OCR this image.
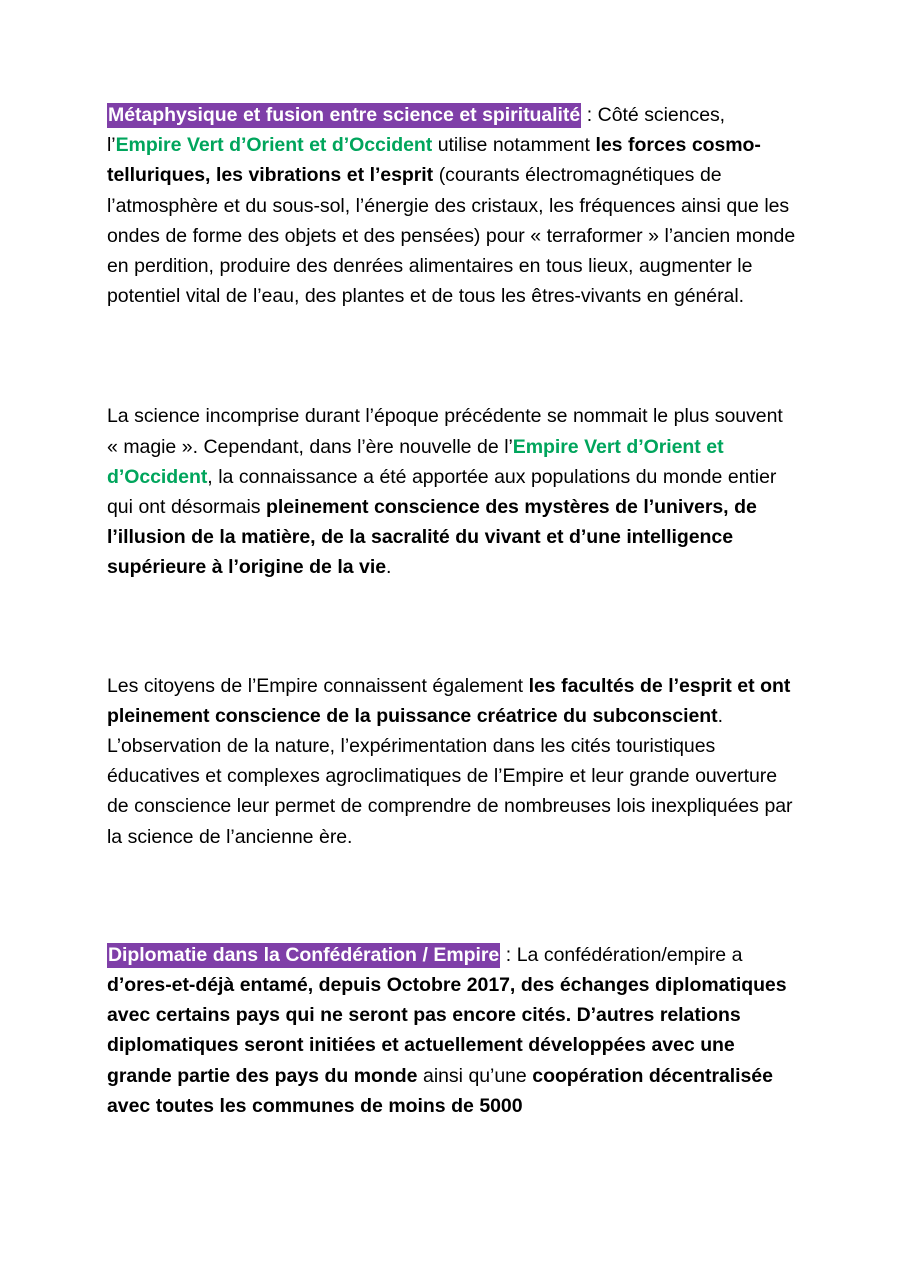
Métaphysique et fusion entre science et spiritualité : Côté sciences, l’Empire Vert d’Orient et d’Occident utilise notamment les forces cosmo-telluriques, les vibrations et l’esprit (courants électromagnétiques de l’atmosphère et du sous-sol, l’énergie des cristaux, les fréquences ainsi que les ondes de forme des objets et des pensées) pour « terraformer » l’ancien monde en perdition, produire des denrées alimentaires en tous lieux, augmenter le potentiel vital de l’eau, des plantes et de tous les êtres-vivants en général.

La science incomprise durant l’époque précédente se nommait le plus souvent « magie ». Cependant, dans l’ère nouvelle de l’Empire Vert d’Orient et d’Occident, la connaissance a été apportée aux populations du monde entier qui ont désormais pleinement conscience des mystères de l’univers, de l’illusion de la matière, de la sacralité du vivant et d’une intelligence supérieure à l’origine de la vie.

Les citoyens de l’Empire connaissent également les facultés de l’esprit et ont pleinement conscience de la puissance créatrice du subconscient. L’observation de la nature, l’expérimentation dans les cités touristiques éducatives et complexes agroclimatiques de l’Empire et leur grande ouverture de conscience leur permet de comprendre de nombreuses lois inexpliquées par la science de l’ancienne ère.

Diplomatie dans la Confédération / Empire : La confédération/empire a d’ores-et-déjà entamé, depuis Octobre 2017, des échanges diplomatiques avec certains pays qui ne seront pas encore cités. D’autres relations diplomatiques seront initiées et actuellement développées avec une grande partie des pays du monde ainsi qu’une coopération décentralisée avec toutes les communes de moins de 5000
